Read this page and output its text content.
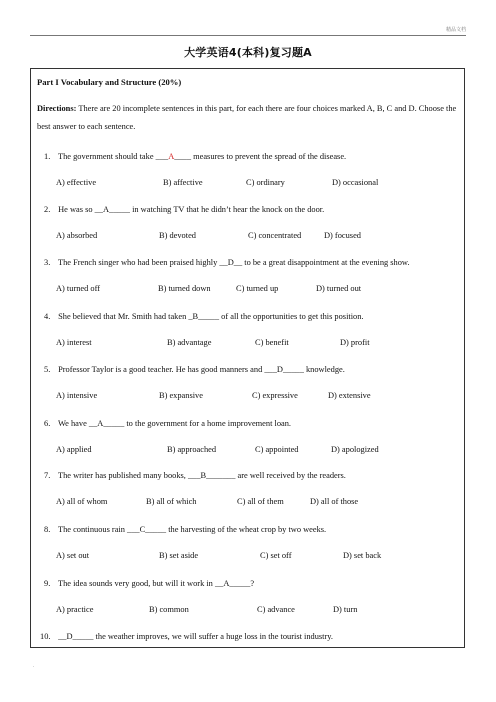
精品文档
大学英语4(本科)复习题A
Part I Vocabulary and Structure (20%)
Directions: There are 20 incomplete sentences in this part, for each there are four choices marked A, B, C and D. Choose the best answer to each sentence.
1. The government should take ___A____ measures to prevent the spread of the disease.
A) effective	B) affective	C) ordinary	D) occasional
2. He was so __A_____ in watching TV that he didn’t hear the knock on the door.
A) absorbed	B) devoted	C) concentrated	D) focused
3. The French singer who had been praised highly __D__ to be a great disappointment at the evening show.
A) turned off	B) turned down	C) turned up	D) turned out
4. She believed that Mr. Smith had taken _B_____ of all the opportunities to get this position.
A) interest	B) advantage	C) benefit	D) profit
5. Professor Taylor is a good teacher. He has good manners and ___D_____ knowledge.
A) intensive	B) expansive	C) expressive	D) extensive
6. We have __A_____ to the government for a home improvement loan.
A) applied	B) approached	C) appointed	D) apologized
7. The writer has published many books, ___B_______ are well received by the readers.
A) all of whom	B) all of which	C) all of them	D) all of those
8. The continuous rain ___C_____ the harvesting of the wheat crop by two weeks.
A) set out	B) set aside	C) set off	D) set back
9. The idea sounds very good, but will it work in __A_____?
A) practice	B) common	C) advance	D) turn
10. __D_____ the weather improves, we will suffer a huge loss in the tourist industry.
.
